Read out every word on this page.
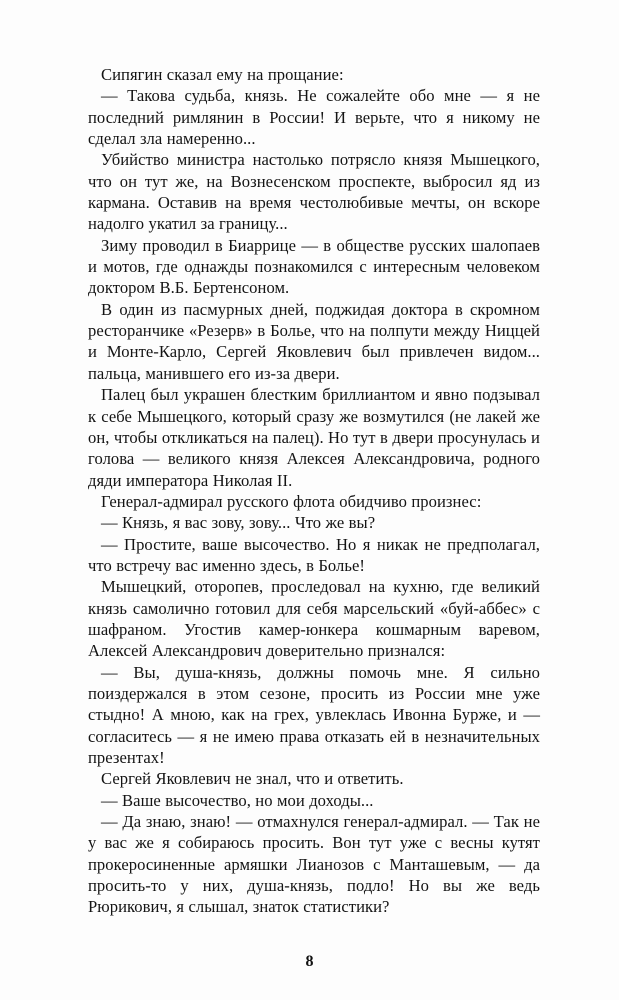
Сипягин сказал ему на прощание:

— Такова судьба, князь. Не сожалейте обо мне — я не последний римлянин в России! И верьте, что я никому не сделал зла намеренно...

Убийство министра настолько потрясло князя Мышецкого, что он тут же, на Вознесенском проспекте, выбросил яд из кармана. Оставив на время честолюбивые мечты, он вскоре надолго укатил за границу...

Зиму проводил в Биаррице — в обществе русских шалопаев и мотов, где однажды познакомился с интересным человеком доктором В.Б. Бертенсоном.

В один из пасмурных дней, поджидая доктора в скромном ресторанчике «Резерв» в Болье, что на полпути между Ниццей и Монте-Карло, Сергей Яковлевич был привлечен видом... пальца, манившего его из-за двери.

Палец был украшен блестким бриллиантом и явно подзывал к себе Мышецкого, который сразу же возмутился (не лакей же он, чтобы откликаться на палец). Но тут в двери просунулась и голова — великого князя Алексея Александровича, родного дяди императора Николая II.

Генерал-адмирал русского флота обидчиво произнес:

— Князь, я вас зову, зову... Что же вы?

— Простите, ваше высочество. Но я никак не предполагал, что встречу вас именно здесь, в Болье!

Мышецкий, оторопев, проследовал на кухню, где великий князь самолично готовил для себя марсельский «буй-аббес» с шафраном. Угостив камер-юнкера кошмарным варевом, Алексей Александрович доверительно признался:

— Вы, душа-князь, должны помочь мне. Я сильно поиздержался в этом сезоне, просить из России мне уже стыдно! А мною, как на грех, увлеклась Ивонна Бурже, и — согласитесь — я не имею права отказать ей в незначительных презентах!

Сергей Яковлевич не знал, что и ответить.

— Ваше высочество, но мои доходы...

— Да знаю, знаю! — отмахнулся генерал-адмирал. — Так не у вас же я собираюсь просить. Вон тут уже с весны кутят прокеросиненные армяшки Лианозов с Манташевым, — да просить-то у них, душа-князь, подло! Но вы же ведь Рюрикович, я слышал, знаток статистики?

8
